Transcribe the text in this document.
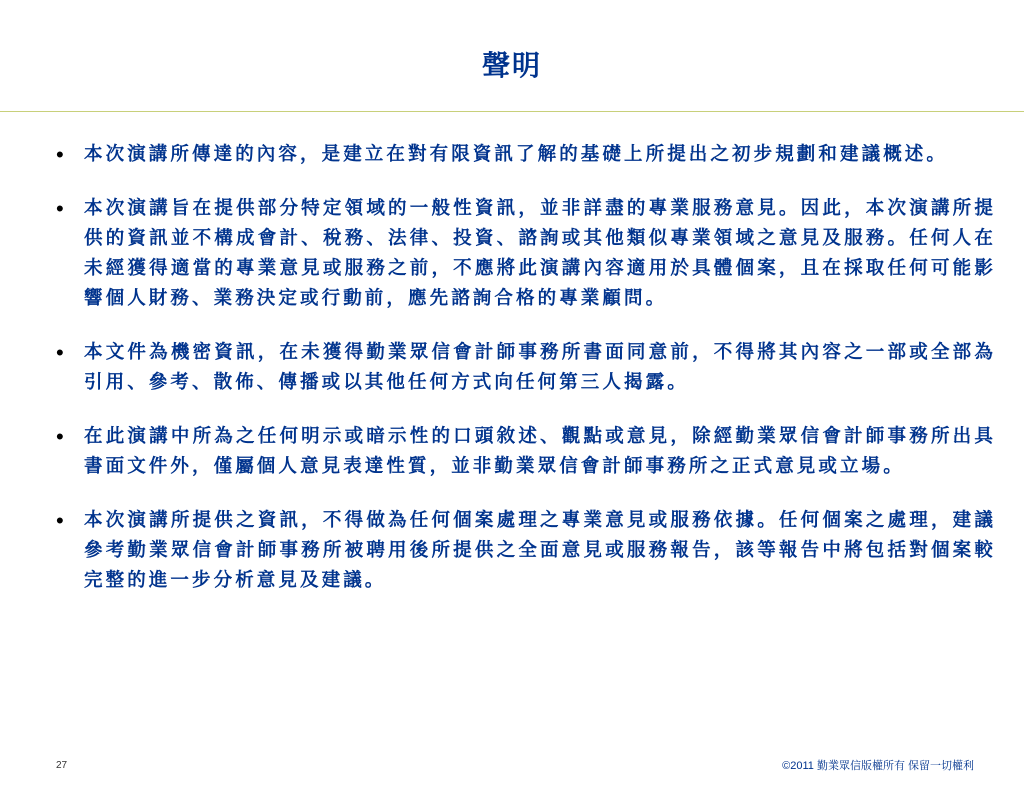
聲明
• 本次演講所傳達的內容，是建立在對有限資訊了解的基礎上所提出之初步規劃和建議概述。
• 本次演講旨在提供部分特定領域的一般性資訊，並非詳盡的專業服務意見。因此，本次演講所提供的資訊並不構成會計、稅務、法律、投資、諮詢或其他類似專業領域之意見及服務。任何人在未經獲得適當的專業意見或服務之前，不應將此演講內容適用於具體個案，且在採取任何可能影響個人財務、業務決定或行動前，應先諮詢合格的專業顧問。
• 本文件為機密資訊，在未獲得勤業眾信會計師事務所書面同意前，不得將其內容之一部或全部為引用、參考、散佈、傳播或以其他任何方式向任何第三人揭露。
• 在此演講中所為之任何明示或暗示性的口頭敘述、觀點或意見，除經勤業眾信會計師事務所出具書面文件外，僅屬個人意見表達性質，並非勤業眾信會計師事務所之正式意見或立場。
• 本次演講所提供之資訊，不得做為任何個案處理之專業意見或服務依據。任何個案之處理，建議參考勤業眾信會計師事務所被聘用後所提供之全面意見或服務報告，該等報告中將包括對個案較完整的進一步分析意見及建議。
27	©2011 勤業眾信版權所有 保留一切權利
